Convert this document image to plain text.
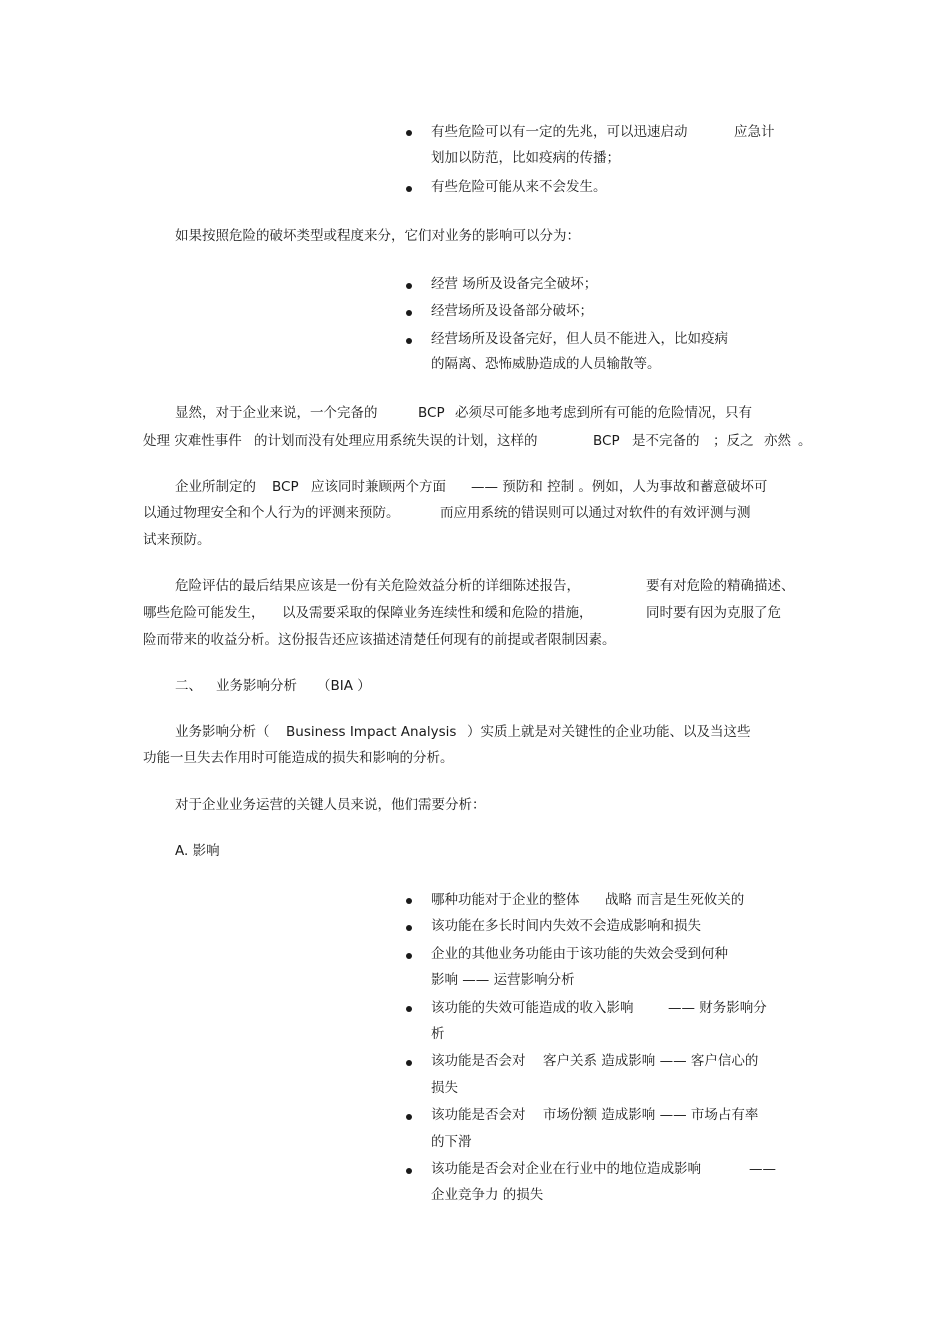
有些危险可以有一定的先兆，可以迅速启动	应急计
划加以防范，比如疫病的传播；
有些危险可能从来不会发生。
如果按照危险的破坏类型或程度来分，它们对业务的影响可以分为：
经营 场所及设备完全破坏；
经营场所及设备部分破坏；
经营场所及设备完好，但人员不能进入，比如疫病
的隔离、恐怖威胁造成的人员输散等。
显然，对于企业来说，一个完备的	BCP 必须尽可能多地考虑到所有可能的危险情况，只有
处理 灾难性事件 的计划而没有处理应用系统失误的计划，这样的	BCP 是不完备的 ；反之 亦然 。
企业所制定的 BCP 应该同时兼顾两个方面 —— 预防和 控制 。例如，人为事故和蓄意破坏可
以通过物理安全和个人行为的评测来预防。	而应用系统的错误则可以通过对软件的有效评测与测
试来预防。
危险评估的最后结果应该是一份有关危险效益分析的详细陈述报告，	要有对危险的精确描述、
哪些危险可能发生， 以及需要采取的保障业务连续性和缓和危险的措施，	同时要有因为克服了危
险而带来的收益分析。这份报告还应该描述清楚任何现有的前提或者限制因素。
二、 业务影响分析 （BIA ）
业务影响分析（ Business Impact Analysis ）实质上就是对关键性的企业功能、以及当这些
功能一旦失去作用时可能造成的损失和影响的分析。
对于企业业务运营的关键人员来说，他们需要分析：
A. 影响
哪种功能对于企业的整体 战略 而言是生死攸关的
该功能在多长时间内失效不会造成影响和损失
企业的其他业务功能由于该功能的失效会受到何种
影响 —— 运营影响分析
该功能的失效可能造成的收入影响	—— 财务影响分
析
该功能是否会对 客户关系 造成影响 —— 客户信心的
损失
该功能是否会对 市场份额 造成影响 —— 市场占有率
的下滑
该功能是否会对企业在行业中的地位造成影响	——
企业竞争力 的损失
